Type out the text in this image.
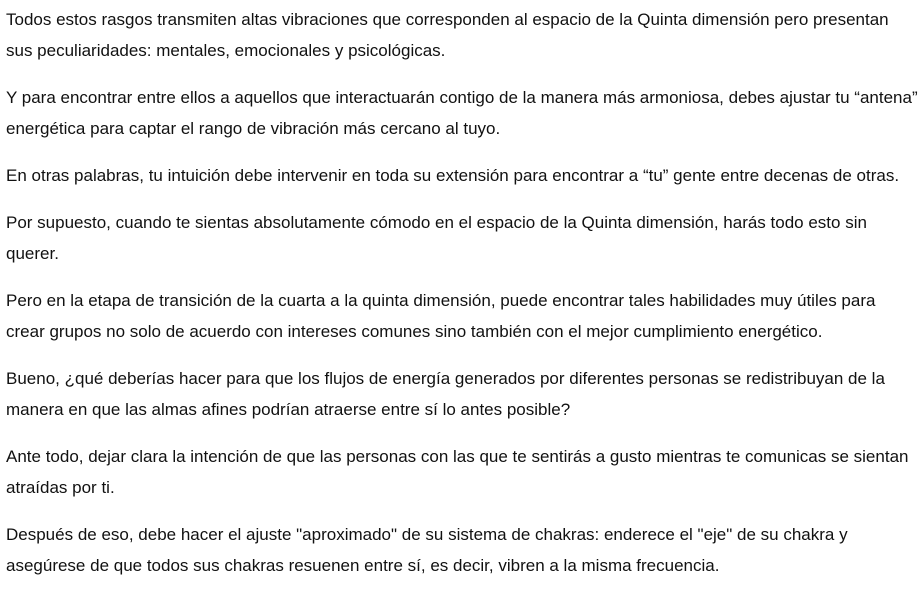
Todos estos rasgos transmiten altas vibraciones que corresponden al espacio de la Quinta dimensión pero presentan sus peculiaridades: mentales, emocionales y psicológicas.

Y para encontrar entre ellos a aquellos que interactuarán contigo de la manera más armoniosa, debes ajustar tu “antena” energética para captar el rango de vibración más cercano al tuyo.

En otras palabras, tu intuición debe intervenir en toda su extensión para encontrar a “tu” gente entre decenas de otras.

Por supuesto, cuando te sientas absolutamente cómodo en el espacio de la Quinta dimensión, harás todo esto sin querer.

Pero en la etapa de transición de la cuarta a la quinta dimensión, puede encontrar tales habilidades muy útiles para crear grupos no solo de acuerdo con intereses comunes sino también con el mejor cumplimiento energético.

Bueno, ¿qué deberías hacer para que los flujos de energía generados por diferentes personas se redistribuyan de la manera en que las almas afines podrían atraerse entre sí lo antes posible?

Ante todo, dejar clara la intención de que las personas con las que te sentirás a gusto mientras te comunicas se sientan atraídas por ti.

Después de eso, debe hacer el ajuste "aproximado" de su sistema de chakras: enderece el "eje" de su chakra y asegúrese de que todos sus chakras resuenen entre sí, es decir, vibren a la misma frecuencia.
